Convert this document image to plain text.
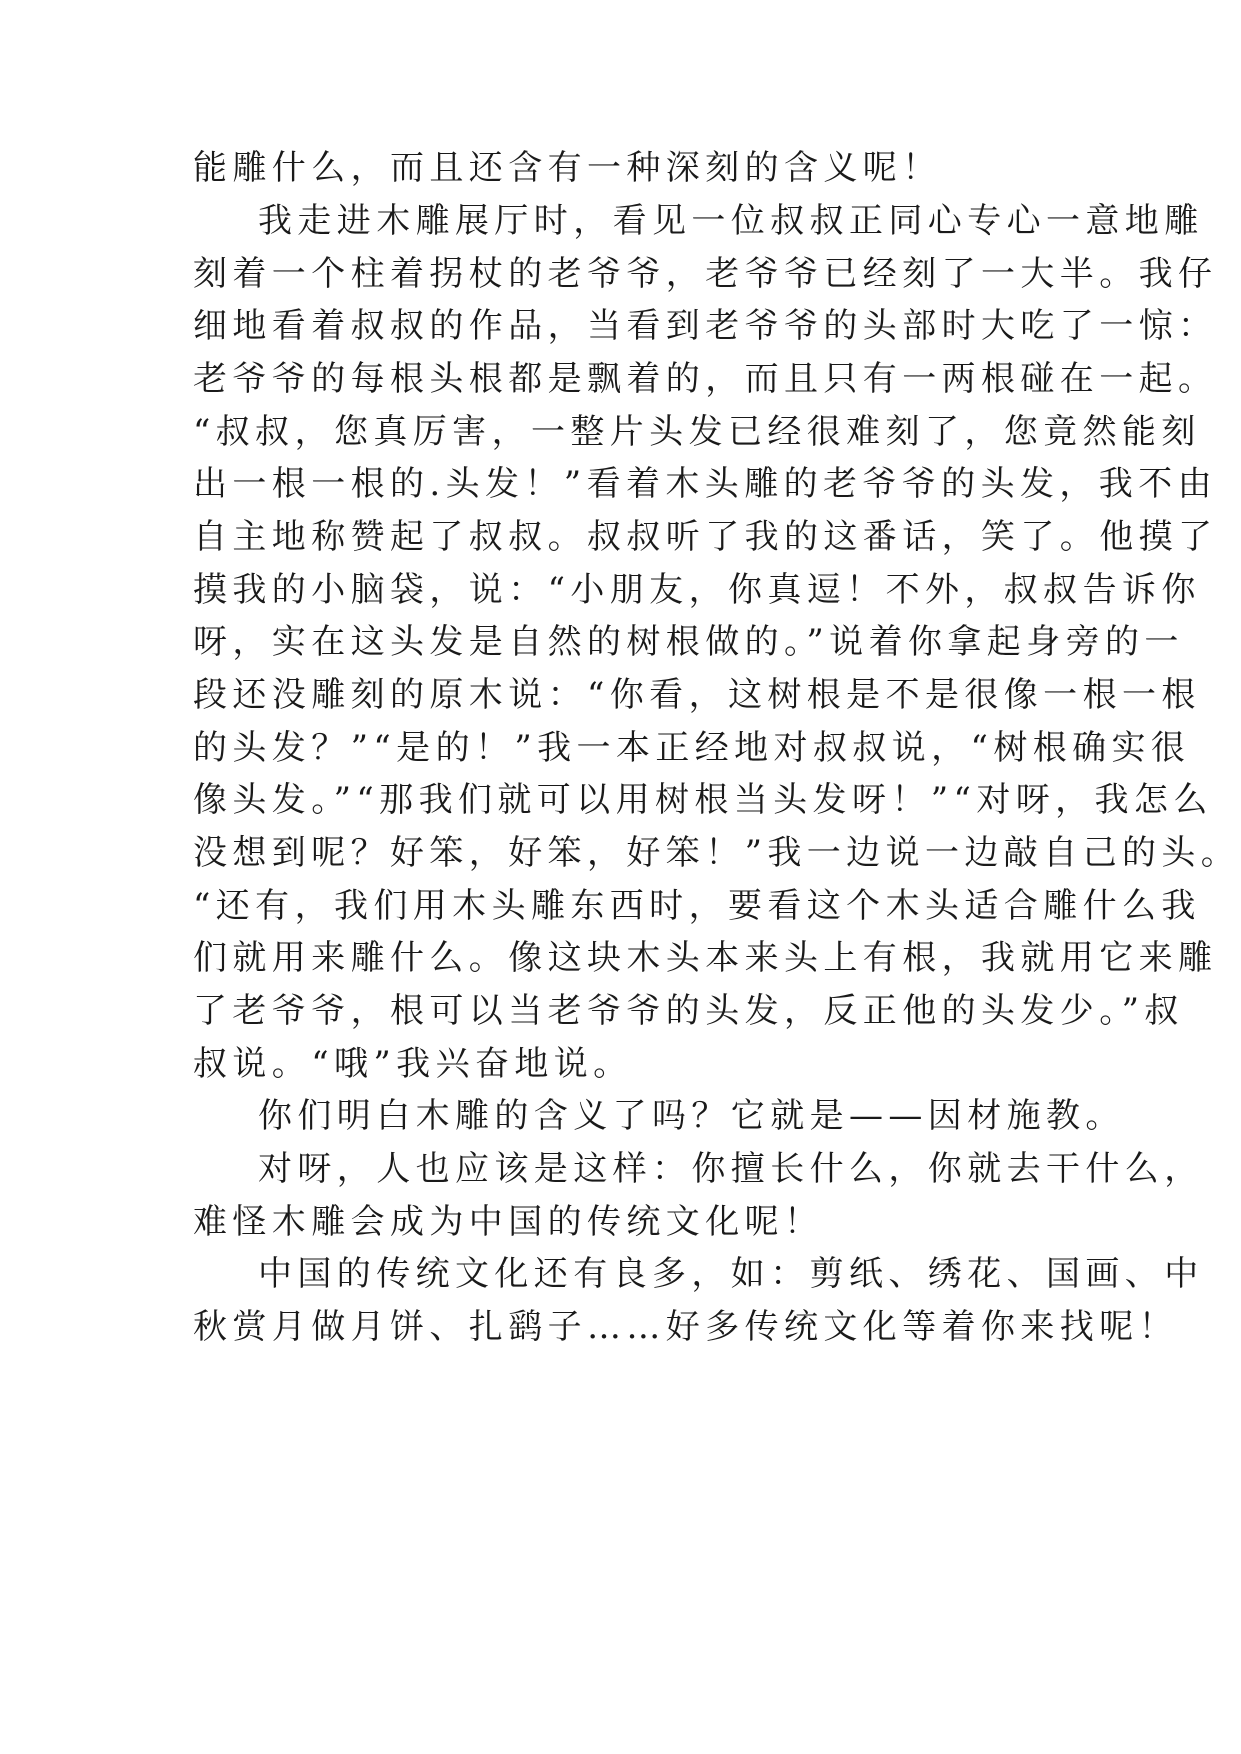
能雕什么，而且还含有一种深刻的含义呢！
我走进木雕展厅时，看见一位叔叔正同心专心一意地雕
刻着一个柱着拐杖的老爷爷，老爷爷已经刻了一大半。我仔
细地看着叔叔的作品，当看到老爷爷的头部时大吃了一惊：
老爷爷的每根头根都是飘着的，而且只有一两根碰在一起。
“叔叔，您真厉害，一整片头发已经很难刻了，您竟然能刻
出一根一根的.头发！”看着木头雕的老爷爷的头发，我不由
自主地称赞起了叔叔。叔叔听了我的这番话，笑了。他摸了
摸我的小脑袋，说：“小朋友，你真逗！不外，叔叔告诉你
呀，实在这头发是自然的树根做的。”说着你拿起身旁的一
段还没雕刻的原木说：“你看，这树根是不是很像一根一根
的头发？”“是的！”我一本正经地对叔叔说，“树根确实很
像头发。”“那我们就可以用树根当头发呀！”“对呀，我怎么
没想到呢？好笨，好笨，好笨！”我一边说一边敲自己的头。
“还有，我们用木头雕东西时，要看这个木头适合雕什么我
们就用来雕什么。像这块木头本来头上有根，我就用它来雕
了老爷爷，根可以当老爷爷的头发，反正他的头发少。”叔
叔说。“哦”我兴奋地说。
你们明白木雕的含义了吗？它就是——因材施教。
对呀，人也应该是这样：你擅长什么，你就去干什么，
难怪木雕会成为中国的传统文化呢！
中国的传统文化还有良多，如：剪纸、绣花、国画、中
秋赏月做月饼、扎鹞子……好多传统文化等着你来找呢！
